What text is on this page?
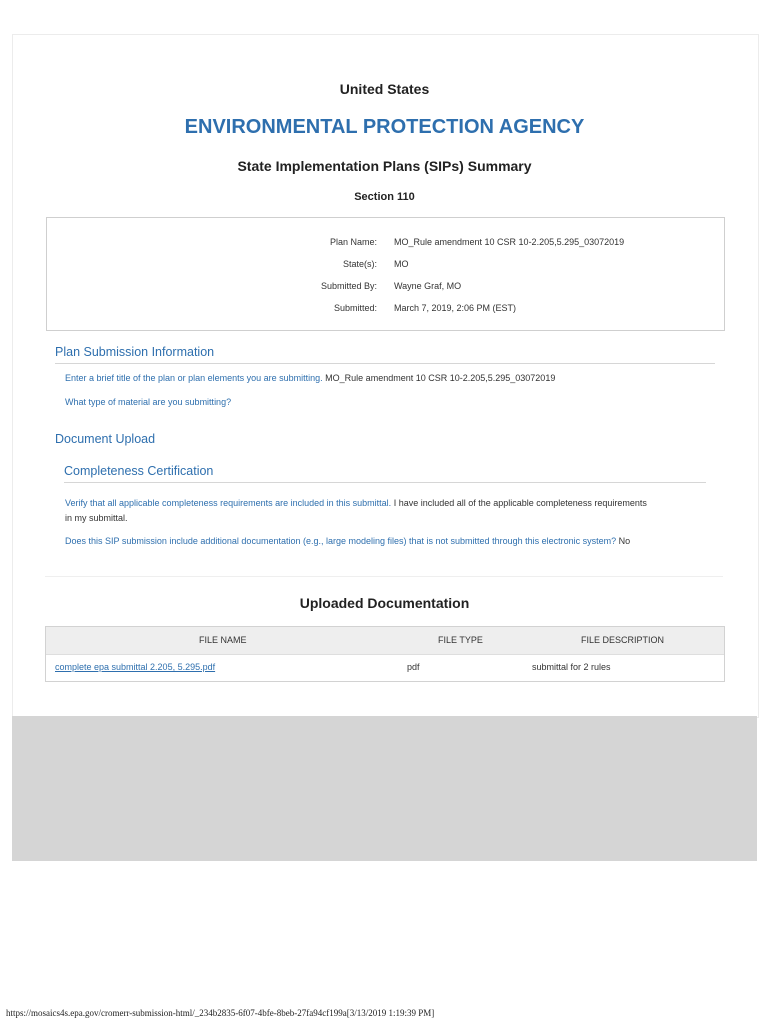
United States
ENVIRONMENTAL PROTECTION AGENCY
State Implementation Plans (SIPs) Summary
Section 110
Plan Name: MO_Rule amendment 10 CSR 10-2.205,5.295_03072019
State(s): MO
Submitted By: Wayne Graf, MO
Submitted: March 7, 2019, 2:06 PM (EST)
Plan Submission Information
Enter a brief title of the plan or plan elements you are submitting. MO_Rule amendment 10 CSR 10-2.205,5.295_03072019
What type of material are you submitting?
Document Upload
Completeness Certification
Verify that all applicable completeness requirements are included in this submittal. I have included all of the applicable completeness requirements
in my submittal.
Does this SIP submission include additional documentation (e.g., large modeling files) that is not submitted through this electronic system? No
Uploaded Documentation
FILE NAME	FILE TYPE	FILE DESCRIPTION
complete epa submittal 2.205, 5.295.pdf	pdf	submittal for 2 rules
https://mosaics4s.epa.gov/cromerr-submission-html/_234b2835-6f07-4bfe-8beb-27fa94cf199a[3/13/2019 1:19:39 PM]
